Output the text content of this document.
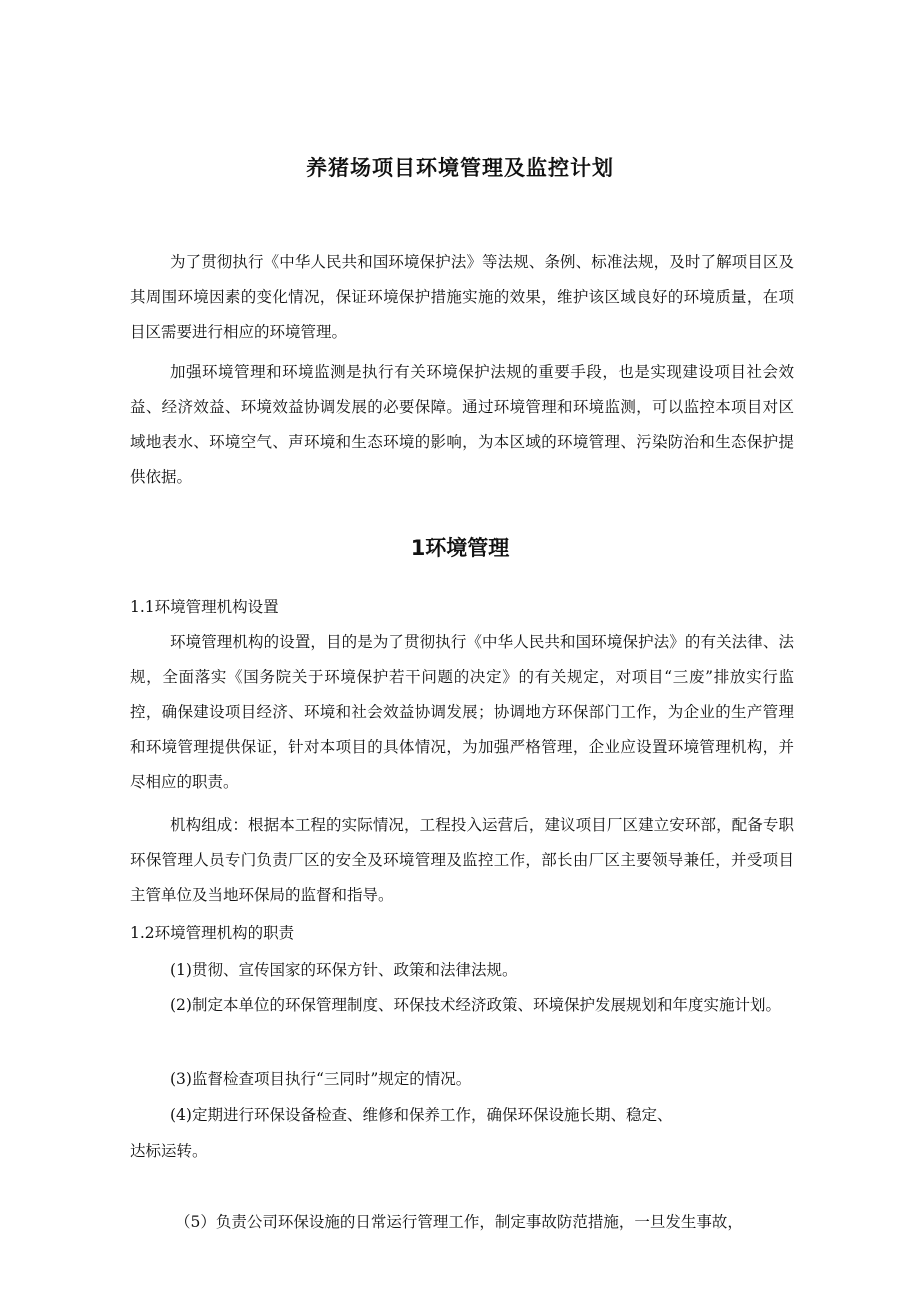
养猪场项目环境管理及监控计划

为了贯彻执行《中华人民共和国环境保护法》等法规、条例、标准法规，及时了解项目区及其周围环境因素的变化情况，保证环境保护措施实施的效果，维护该区域良好的环境质量，在项目区需要进行相应的环境管理。

加强环境管理和环境监测是执行有关环境保护法规的重要手段，也是实现建设项目社会效益、经济效益、环境效益协调发展的必要保障。通过环境管理和环境监测，可以监控本项目对区域地表水、环境空气、声环境和生态环境的影响，为本区域的环境管理、污染防治和生态保护提供依据。

1环境管理

1.1环境管理机构设置

环境管理机构的设置，目的是为了贯彻执行《中华人民共和国环境保护法》的有关法律、法规，全面落实《国务院关于环境保护若干问题的决定》的有关规定，对项目“三废”排放实行监控，确保建设项目经济、环境和社会效益协调发展；协调地方环保部门工作，为企业的生产管理和环境管理提供保证，针对本项目的具体情况，为加强严格管理，企业应设置环境管理机构，并尽相应的职责。

机构组成：根据本工程的实际情况，工程投入运营后，建议项目厂区建立安环部，配备专职环保管理人员专门负责厂区的安全及环境管理及监控工作，部长由厂区主要领导兼任，并受项目主管单位及当地环保局的监督和指导。

1.2环境管理机构的职责

(1)贯彻、宣传国家的环保方针、政策和法律法规。

(2)制定本单位的环保管理制度、环保技术经济政策、环境保护发展规划和年度实施计划。

(3)监督检查项目执行“三同时”规定的情况。

(4)定期进行环保设备检查、维修和保养工作，确保环保设施长期、稳定、

达标运转。

（5）负责公司环保设施的日常运行管理工作，制定事故防范措施，一旦发生事故，
